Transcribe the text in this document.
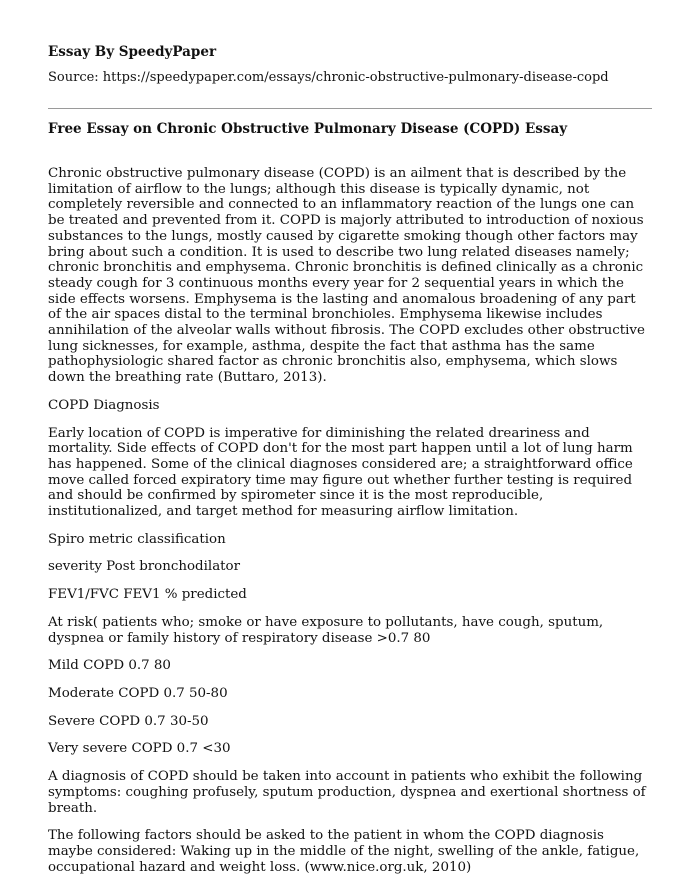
Essay By SpeedyPaper
Source: https://speedypaper.com/essays/chronic-obstructive-pulmonary-disease-copd
Free Essay on Chronic Obstructive Pulmonary Disease (COPD) Essay

Chronic obstructive pulmonary disease (COPD) is an ailment that is described by the limitation of airflow to the lungs; although this disease is typically dynamic, not completely reversible and connected to an inflammatory reaction of the lungs one can be treated and prevented from it. COPD is majorly attributed to introduction of noxious substances to the lungs, mostly caused by cigarette smoking though other factors may bring about such a condition. It is used to describe two lung related diseases namely; chronic bronchitis and emphysema. Chronic bronchitis is defined clinically as a chronic steady cough for 3 continuous months every year for 2 sequential years in which the side effects worsens. Emphysema is the lasting and anomalous broadening of any part of the air spaces distal to the terminal bronchioles. Emphysema likewise includes annihilation of the alveolar walls without fibrosis. The COPD excludes other obstructive lung sicknesses, for example, asthma, despite the fact that asthma has the same pathophysiologic shared factor as chronic bronchitis also, emphysema, which slows down the breathing rate (Buttaro, 2013).

COPD Diagnosis

Early location of COPD is imperative for diminishing the related dreariness and mortality. Side effects of COPD don't for the most part happen until a lot of lung harm has happened. Some of the clinical diagnoses considered are; a straightforward office move called forced expiratory time may figure out whether further testing is required and should be confirmed by spirometer since it is the most reproducible, institutionalized, and target method for measuring airflow limitation.

Spiro metric classification

severity Post bronchodilator

FEV1/FVC FEV1 % predicted

At risk( patients who; smoke or have exposure to pollutants, have cough, sputum, dyspnea or family history of respiratory disease >0.7 80

Mild COPD 0.7 80

Moderate COPD 0.7 50-80

Severe COPD 0.7 30-50

Very severe COPD 0.7 <30

A diagnosis of COPD should be taken into account in patients who exhibit the following symptoms: coughing profusely, sputum production, dyspnea and exertional shortness of breath.

The following factors should be asked to the patient in whom the COPD diagnosis maybe considered: Waking up in the middle of the night, swelling of the ankle, fatigue, occupational hazard and weight loss. (www.nice.org.uk, 2010)
